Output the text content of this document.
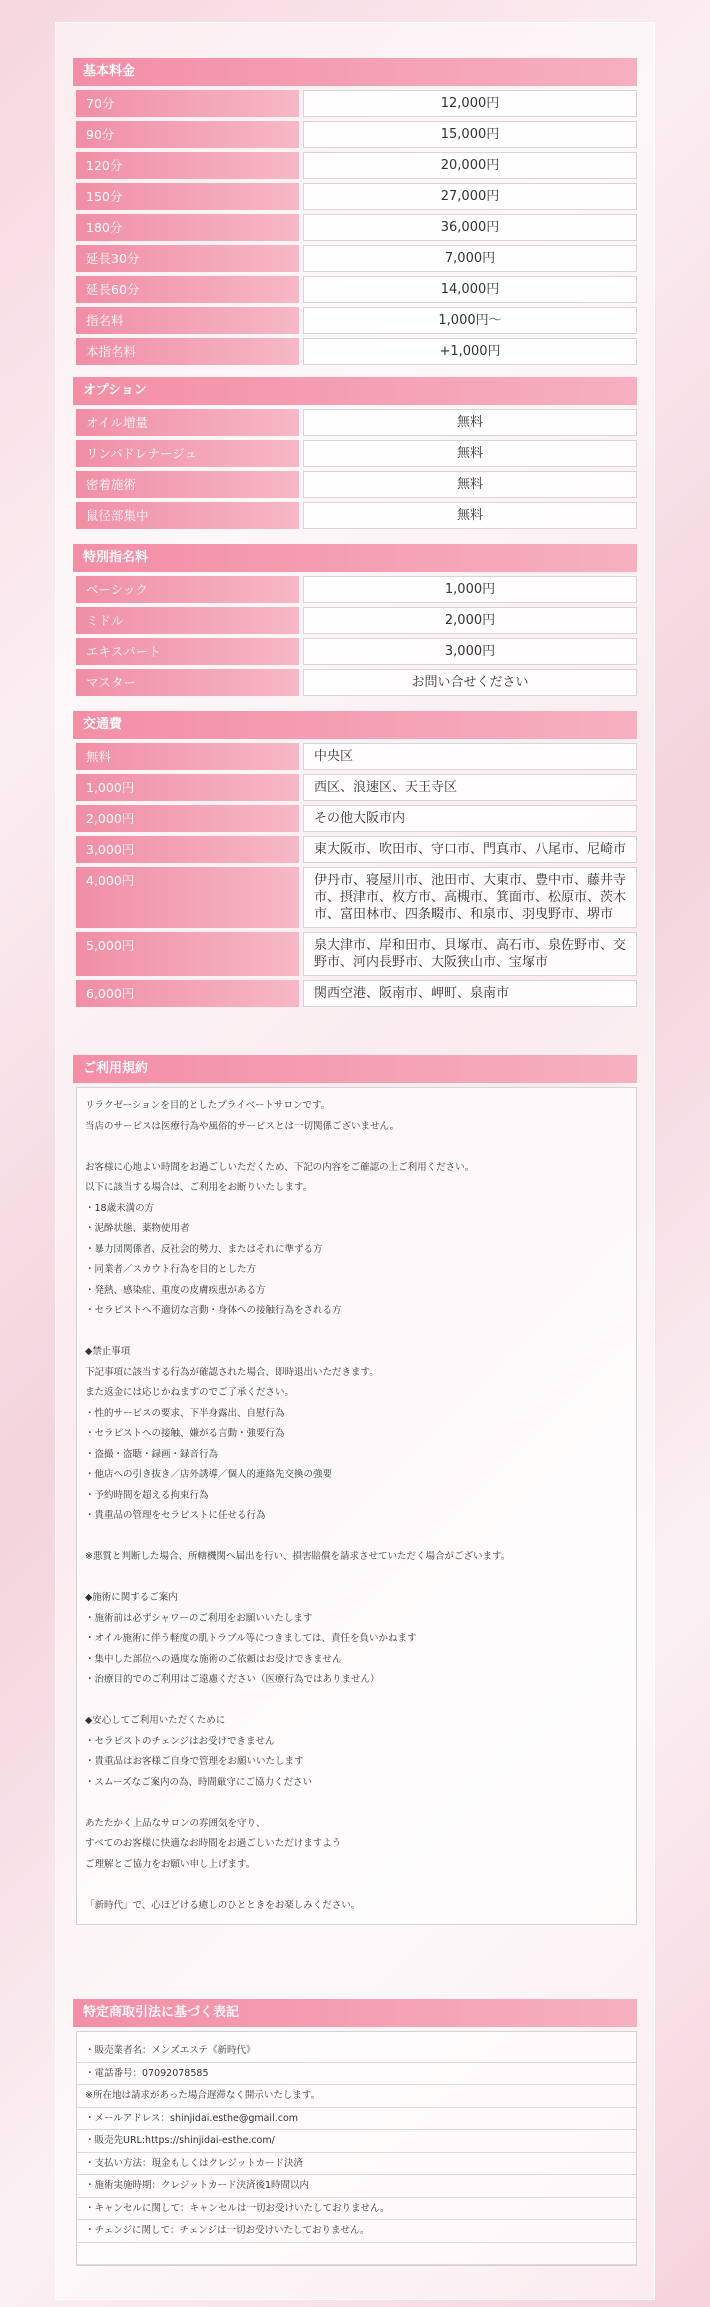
基本料金
70分	12,000円
90分	15,000円
120分	20,000円
150分	27,000円
180分	36,000円
延長30分	7,000円
延長60分	14,000円
指名料	1,000円〜
本指名料	+1,000円
オプション
オイル増量	無料
リンパドレナージュ	無料
密着施術	無料
鼠径部集中	無料
特別指名料
ベーシック	1,000円
ミドル	2,000円
エキスパート	3,000円
マスター	お問い合せください
交通費
無料	中央区
1,000円	西区、浪速区、天王寺区
2,000円	その他大阪市内
3,000円	東大阪市、吹田市、守口市、門真市、八尾市、尼崎市
4,000円	伊丹市、寝屋川市、池田市、大東市、豊中市、藤井寺市、摂津市、枚方市、高槻市、箕面市、松原市、茨木市、富田林市、四条畷市、和泉市、羽曳野市、堺市
5,000円	泉大津市、岸和田市、貝塚市、高石市、泉佐野市、交野市、河内長野市、大阪狭山市、宝塚市
6,000円	関西空港、阪南市、岬町、泉南市
ご利用規約
リラクゼーションを目的としたプライベートサロンです。
当店のサービスは医療行為や風俗的サービスとは一切関係ございません。
お客様に心地よい時間をお過ごしいただくため、下記の内容をご確認の上ご利用ください。
以下に該当する場合は、ご利用をお断りいたします。
・18歳未満の方
・泥酔状態、薬物使用者
・暴力団関係者、反社会的勢力、またはそれに準ずる方
・同業者／スカウト行為を目的とした方
・発熱、感染症、重度の皮膚疾患がある方
・セラピストへ不適切な言動・身体への接触行為をされる方
◆禁止事項
下記事項に該当する行為が確認された場合、即時退出いただきます。
また返金には応じかねますのでご了承ください。
・性的サービスの要求、下半身露出、自慰行為
・セラピストへの接触、嫌がる言動・強要行為
・盗撮・盗聴・録画・録音行為
・他店への引き抜き／店外誘導／個人的連絡先交換の強要
・予約時間を超える拘束行為
・貴重品の管理をセラピストに任せる行為
※悪質と判断した場合、所轄機関へ届出を行い、損害賠償を請求させていただく場合がございます。
◆施術に関するご案内
・施術前は必ずシャワーのご利用をお願いいたします
・オイル施術に伴う軽度の肌トラブル等につきましては、責任を負いかねます
・集中した部位への過度な施術のご依頼はお受けできません
・治療目的でのご利用はご遠慮ください（医療行為ではありません）
◆安心してご利用いただくために
・セラピストのチェンジはお受けできません
・貴重品はお客様ご自身で管理をお願いいたします
・スムーズなご案内の為、時間厳守にご協力ください
あたたかく上品なサロンの雰囲気を守り、
すべてのお客様に快適なお時間をお過ごしいただけますよう
ご理解とご協力をお願い申し上げます。
「新時代」で、心ほどける癒しのひとときをお楽しみください。
特定商取引法に基づく表記
・販売業者名：メンズエステ《新時代》
・電話番号：07092078585
※所在地は請求があった場合遅滞なく開示いたします。
・メールアドレス：shinjidai.esthe@gmail.com
・販売先URL:https://shinjidai-esthe.com/
・支払い方法：現金もしくはクレジットカード決済
・施術実施時期：クレジットカード決済後1時間以内
・キャンセルに関して：キャンセルは一切お受けいたしておりません。
・チェンジに関して：チェンジは一切お受けいたしておりません。
